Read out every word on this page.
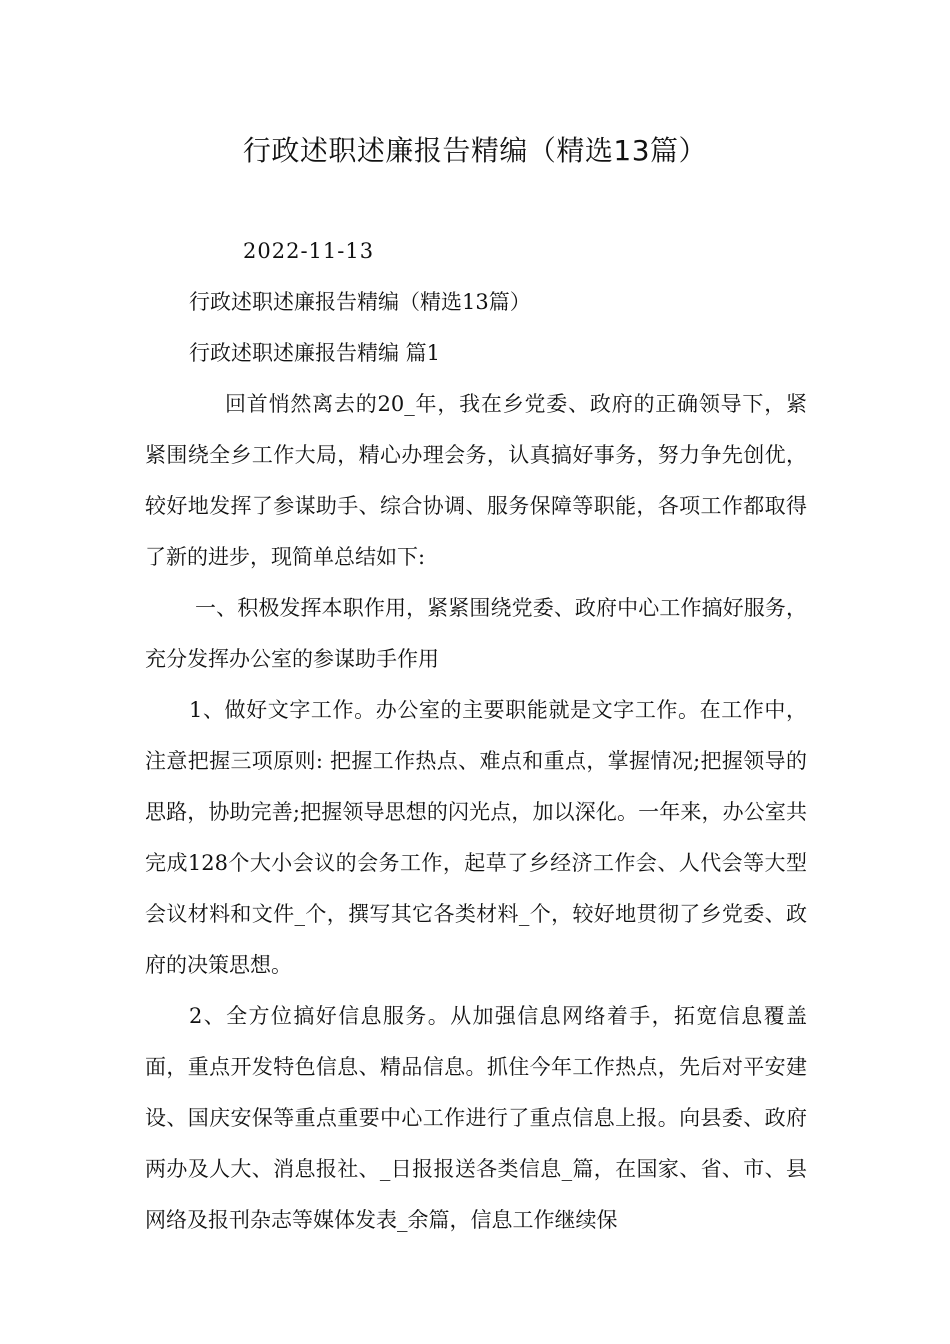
行政述职述廉报告精编（精选13篇）
2022-11-13
行政述职述廉报告精编（精选13篇）
行政述职述廉报告精编 篇1
回首悄然离去的20_年，我在乡党委、政府的正确领导下，紧紧围绕全乡工作大局，精心办理会务，认真搞好事务，努力争先创优，较好地发挥了参谋助手、综合协调、服务保障等职能，各项工作都取得了新的进步，现简单总结如下:
一、积极发挥本职作用，紧紧围绕党委、政府中心工作搞好服务，充分发挥办公室的参谋助手作用
1、做好文字工作。办公室的主要职能就是文字工作。在工作中，注意把握三项原则: 把握工作热点、难点和重点，掌握情况;把握领导的思路，协助完善;把握领导思想的闪光点，加以深化。一年来，办公室共完成128个大小会议的会务工作，起草了乡经济工作会、人代会等大型会议材料和文件_个，撰写其它各类材料_个，较好地贯彻了乡党委、政府的决策思想。
2、全方位搞好信息服务。从加强信息网络着手，拓宽信息覆盖面，重点开发特色信息、精品信息。抓住今年工作热点，先后对平安建设、国庆安保等重点重要中心工作进行了重点信息上报。向县委、政府两办及人大、消息报社、_日报报送各类信息_篇，在国家、省、市、县网络及报刊杂志等媒体发表_余篇，信息工作继续保
